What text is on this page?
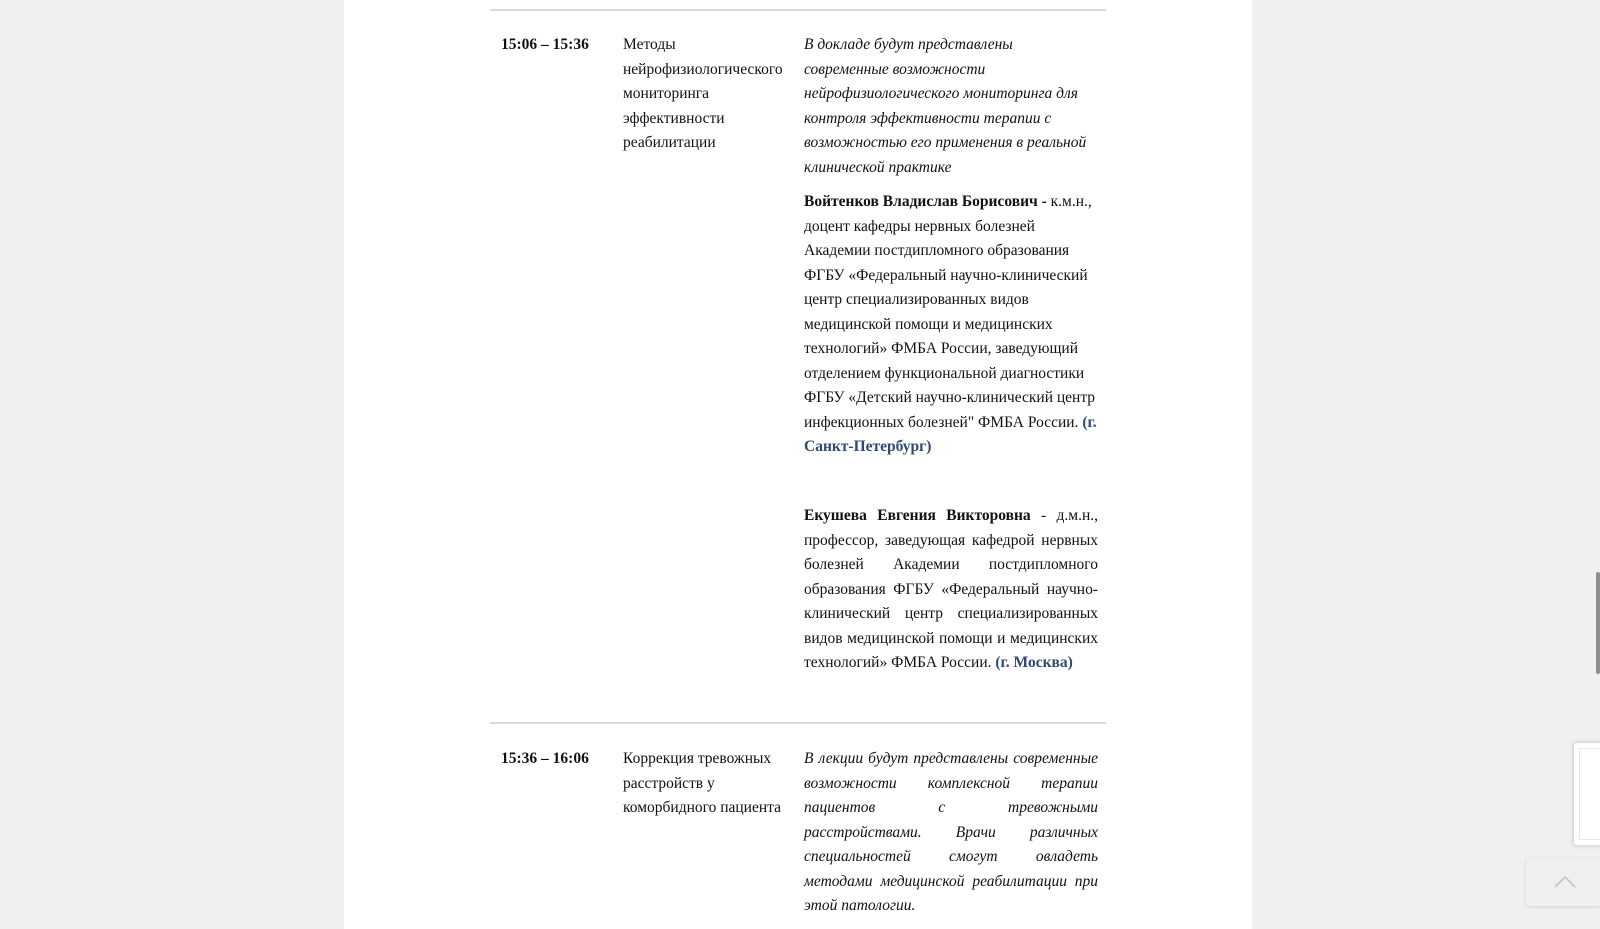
15:06 – 15:36 Методы нейрофизиологического мониторинга эффективности реабилитации
В докладе будут представлены современные возможности нейрофизиологического мониторинга для контроля эффективности терапии с возможностью его применения в реальной клинической практике
Войтенков Владислав Борисович - к.м.н., доцент кафедры нервных болезней Академии постдипломного образования ФГБУ «Федеральный научно-клинический центр специализированных видов медицинской помощи и медицинских технологий» ФМБА России, заведующий отделением функциональной диагностики ФГБУ «Детский научно-клинический центр инфекционных болезней" ФМБА России. (г. Санкт-Петербург)
Екушева Евгения Викторовна - д.м.н., профессор, заведующая кафедрой нервных болезней Академии постдипломного образования ФГБУ «Федеральный научно-клинический центр специализированных видов медицинской помощи и медицинских технологий» ФМБА России. (г. Москва)
15:36 – 16:06 Коррекция тревожных расстройств у коморбидного пациента
В лекции будут представлены современные возможности комплексной терапии пациентов с тревожными расстройствами. Врачи различных специальностей смогут овладеть методами медицинской реабилитации при этой патологии.
